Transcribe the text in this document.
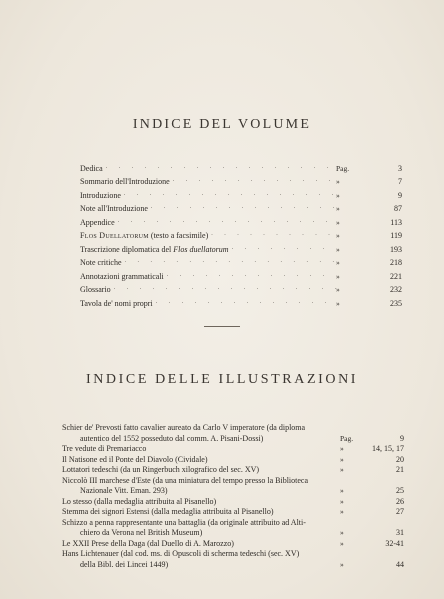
INDICE DEL VOLUME
Dedica . . .	Pag.	3
Sommario dell'Introduzione . . .	»	7
Introduzione . . .	»	9
Note all'Introduzione . . .	»	87
Appendice . . .	»	113
Flos Duellatorum (testo a facsimile) . . .	»	119
Trascrizione diplomatica del Flos duellatorum . . .	»	193
Note critiche . . .	»	218
Annotazioni grammaticali . . .	»	221
Glossario . . .	»	232
Tavola de' nomi propri . . .	»	235
INDICE DELLE ILLUSTRAZIONI
Schier de' Prevosti fatto cavalier aureato da Carlo V imperatore (da diploma
autentico del 1552 posseduto dal comm. A. Pisani-Dossi)	Pag.	9
Tre vedute di Premariacco	»	14, 15, 17
Il Natisone ed il Ponte del Diavolo (Cividale)	»	20
Lottatori tedeschi (da un Ringerbuch xilografico del sec. XV)	»	21
Niccolò III marchese d'Este (da una miniatura del tempo presso la Biblioteca
Nazionale Vitt. Eman. 293)	»	25
Lo stesso (dalla medaglia attribuita al Pisanello)	»	26
Stemma dei signori Estensi (dalla medaglia attribuita al Pisanello)	»	27
Schizzo a penna rappresentante una battaglia (da originale attribuito ad Alti-
chiero da Verona nel British Museum)	»	31
Le XXII Prese della Daga (dal Duello di A. Marozzo)	»	32-41
Hans Lichtenauer (dal cod. ms. di Opuscoli di scherma tedeschi (sec. XV)
della Bibl. dei Lincei 1449)	»	44
